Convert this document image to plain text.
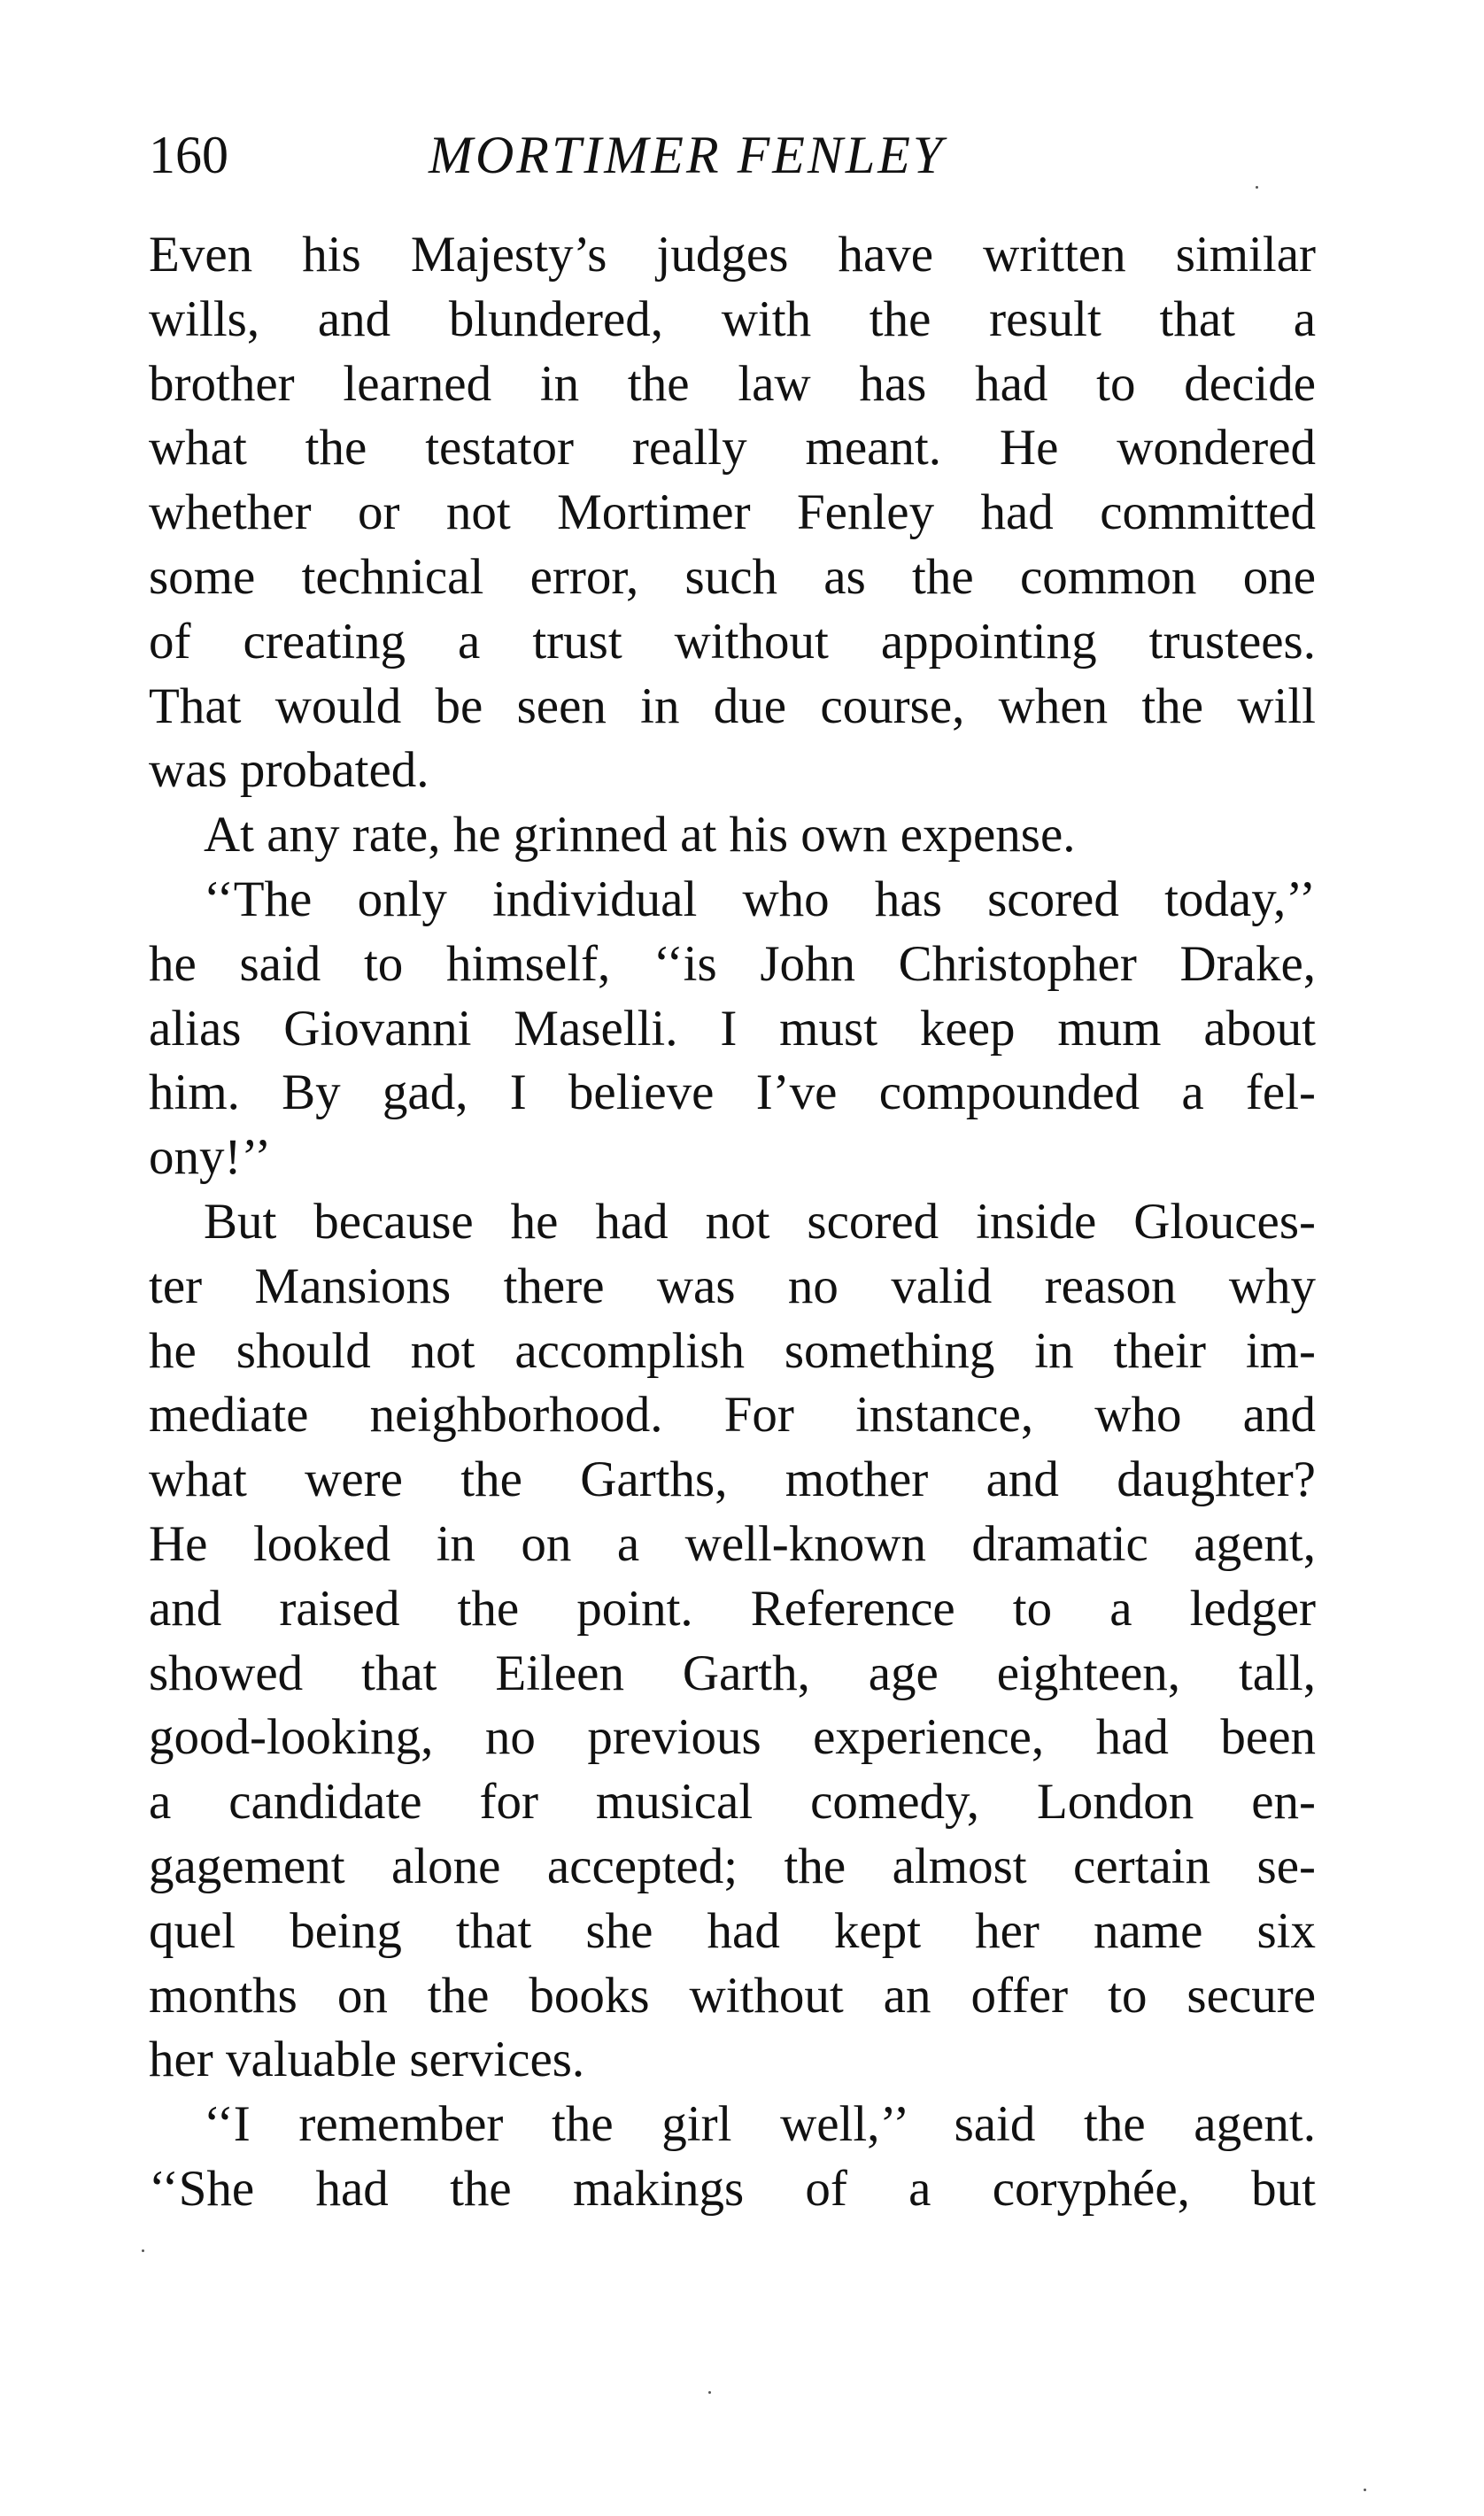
160	MORTIMER FENLEY
Even his Majesty’s judges have written similar
wills, and blundered, with the result that a
brother learned in the law has had to decide
what the testator really meant. He wondered
whether or not Mortimer Fenley had committed
some technical error, such as the common one
of creating a trust without appointing trustees.
That would be seen in due course, when the will
was probated.
At any rate, he grinned at his own expense.
‘‘The only individual who has scored today,’’
he said to himself, ‘‘is John Christopher Drake,
alias Giovanni Maselli. I must keep mum about
him. By gad, I believe I’ve compounded a fel-
ony!’’
But because he had not scored inside Glouces-
ter Mansions there was no valid reason why
he should not accomplish something in their im-
mediate neighborhood. For instance, who and
what were the Garths, mother and daughter?
He looked in on a well-known dramatic agent,
and raised the point. Reference to a ledger
showed that Eileen Garth, age eighteen, tall,
good-looking, no previous experience, had been
a candidate for musical comedy, London en-
gagement alone accepted; the almost certain se-
quel being that she had kept her name six
months on the books without an offer to secure
her valuable services.
‘‘I remember the girl well,’’ said the agent.
‘‘She had the makings of a coryphée, but
